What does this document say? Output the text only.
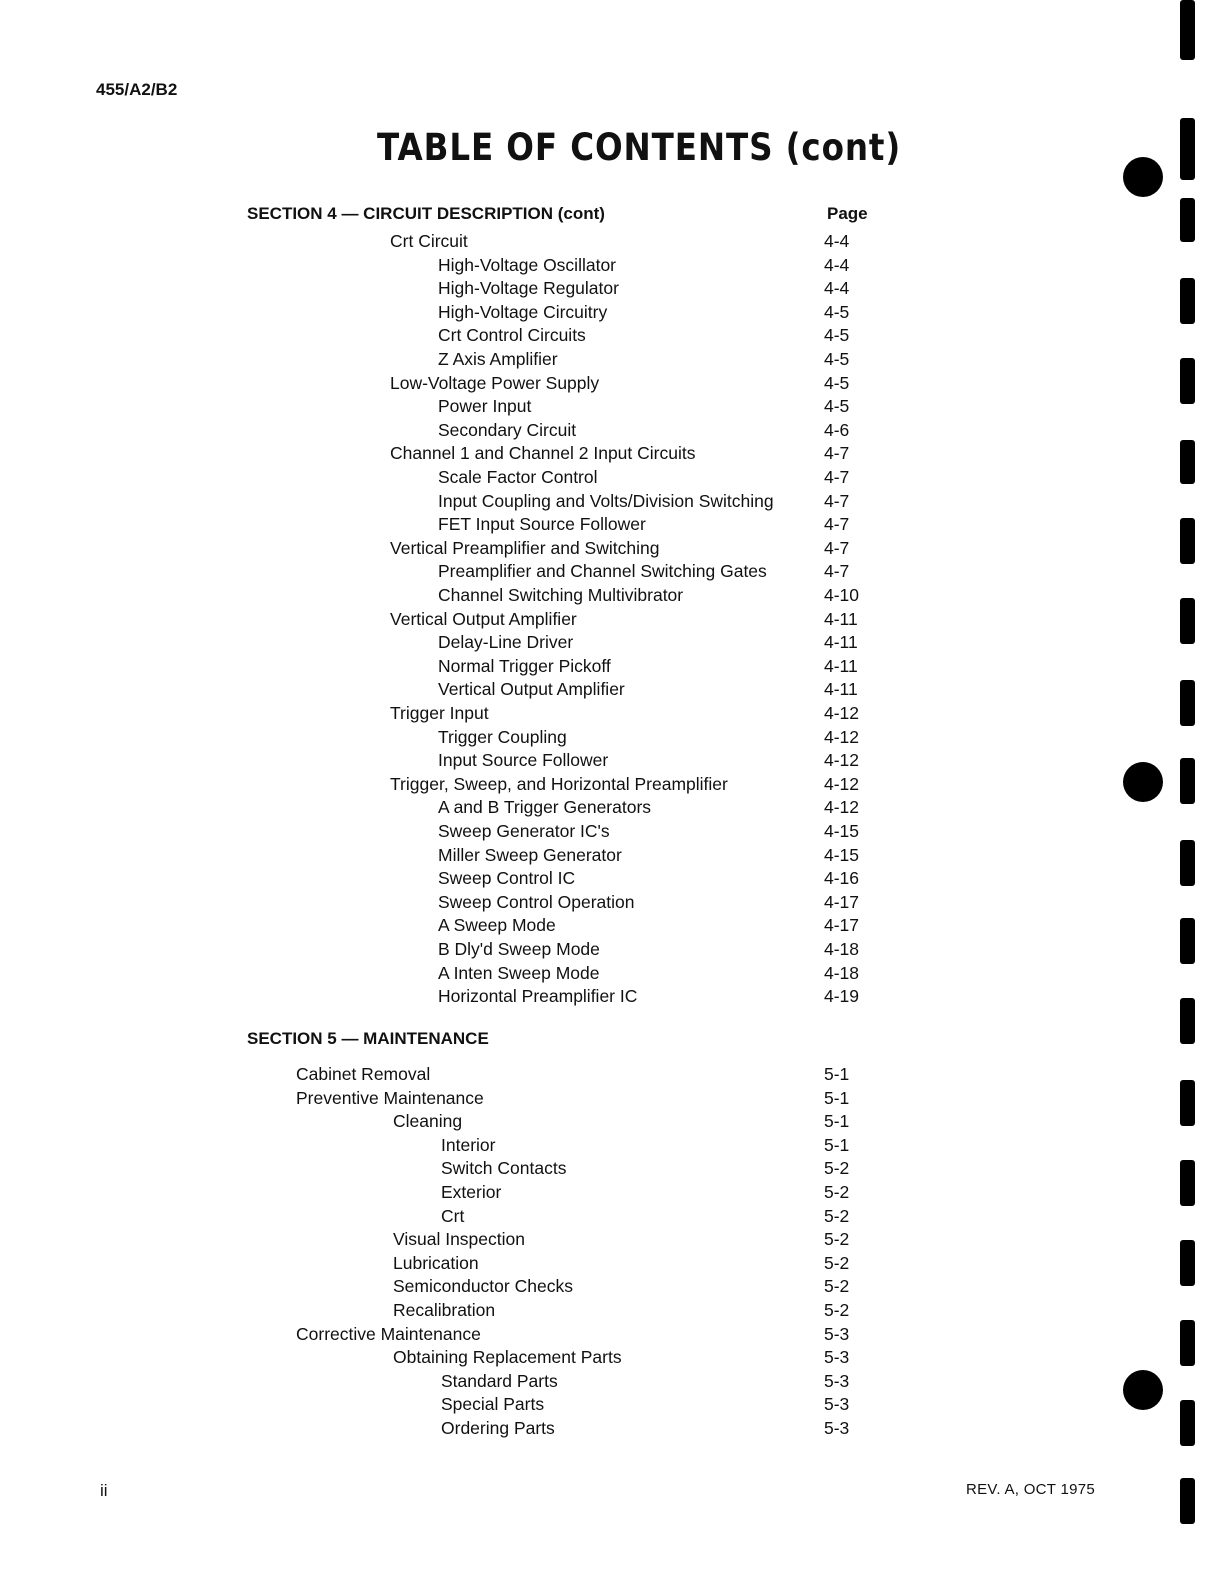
455/A2/B2
TABLE OF CONTENTS (cont)
SECTION 4 — CIRCUIT DESCRIPTION (cont)	Page
Crt Circuit	4-4
High-Voltage Oscillator	4-4
High-Voltage Regulator	4-4
High-Voltage Circuitry	4-5
Crt Control Circuits	4-5
Z Axis Amplifier	4-5
Low-Voltage Power Supply	4-5
Power Input	4-5
Secondary Circuit	4-6
Channel 1 and Channel 2 Input Circuits	4-7
Scale Factor Control	4-7
Input Coupling and Volts/Division Switching	4-7
FET Input Source Follower	4-7
Vertical Preamplifier and Switching	4-7
Preamplifier and Channel Switching Gates	4-7
Channel Switching Multivibrator	4-10
Vertical Output Amplifier	4-11
Delay-Line Driver	4-11
Normal Trigger Pickoff	4-11
Vertical Output Amplifier	4-11
Trigger Input	4-12
Trigger Coupling	4-12
Input Source Follower	4-12
Trigger, Sweep, and Horizontal Preamplifier	4-12
A and B Trigger Generators	4-12
Sweep Generator IC's	4-15
Miller Sweep Generator	4-15
Sweep Control IC	4-16
Sweep Control Operation	4-17
A Sweep Mode	4-17
B Dly'd Sweep Mode	4-18
A Inten Sweep Mode	4-18
Horizontal Preamplifier IC	4-19
SECTION 5 — MAINTENANCE
Cabinet Removal	5-1
Preventive Maintenance	5-1
Cleaning	5-1
Interior	5-1
Switch Contacts	5-2
Exterior	5-2
Crt	5-2
Visual Inspection	5-2
Lubrication	5-2
Semiconductor Checks	5-2
Recalibration	5-2
Corrective Maintenance	5-3
Obtaining Replacement Parts	5-3
Standard Parts	5-3
Special Parts	5-3
Ordering Parts	5-3
ii	REV. A, OCT 1975
